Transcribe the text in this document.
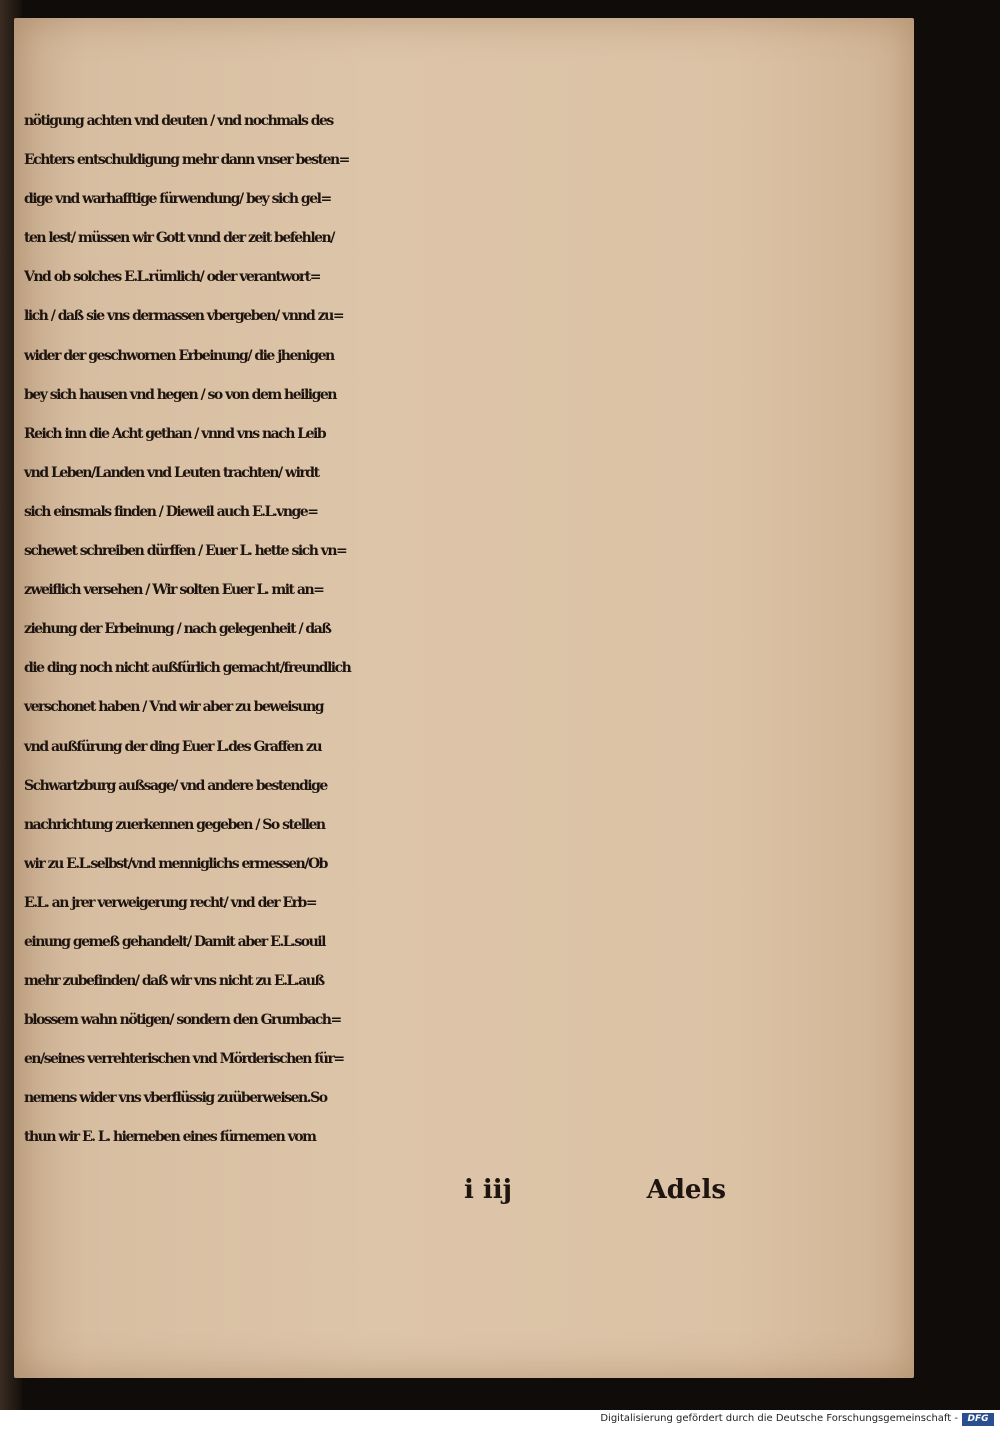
nötigung achten vnd deuten / vnd nochmals des
Echters entschuldigung mehr dann vnser besten=
dige vnd warhafftige fürwendung/ bey sich gel=
ten lest/ müssen wir Gott vnnd der zeit befehlen/
Vnd ob solches E.L.rümlich/ oder verantwort=
lich / daß sie vns dermassen vbergeben/ vnnd zu=
wider der geschwornen Erbeinung/ die jhenigen
bey sich hausen vnd hegen / so von dem heiligen
Reich inn die Acht gethan / vnnd vns nach Leib
vnd Leben/Landen vnd Leuten trachten/ wirdt
sich einsmals finden / Dieweil auch E.L.vnge=
schewet schreiben dürffen / Euer L. hette sich vn=
zweiflich versehen / Wir solten Euer L. mit an=
ziehung der Erbeinung / nach gelegenheit / daß
die ding noch nicht außfürlich gemacht/freundlich
verschonet haben / Vnd wir aber zu beweisung
vnd außfürung der ding Euer L.des Graffen zu
Schwartzburg außsage/ vnd andere bestendige
nachrichtung zuerkennen gegeben / So stellen
wir zu E.L.selbst/vnd menniglichs ermessen/Ob
E.L. an jrer verweigerung recht/ vnd der Erb=
einung gemeß gehandelt/ Damit aber E.L.souil
mehr zubefinden/ daß wir vns nicht zu E.L.auß
blossem wahn nötigen/ sondern den Grumbach=
en/seines verrehterischen vnd Mörderischen für=
nemens wider vns vberflüssig zuüberweisen.So
thun wir E. L. hierneben eines fürnemen vom
i iij	Adels
Digitalisierung gefördert durch die Deutsche Forschungsgemeinschaft -	DFG
